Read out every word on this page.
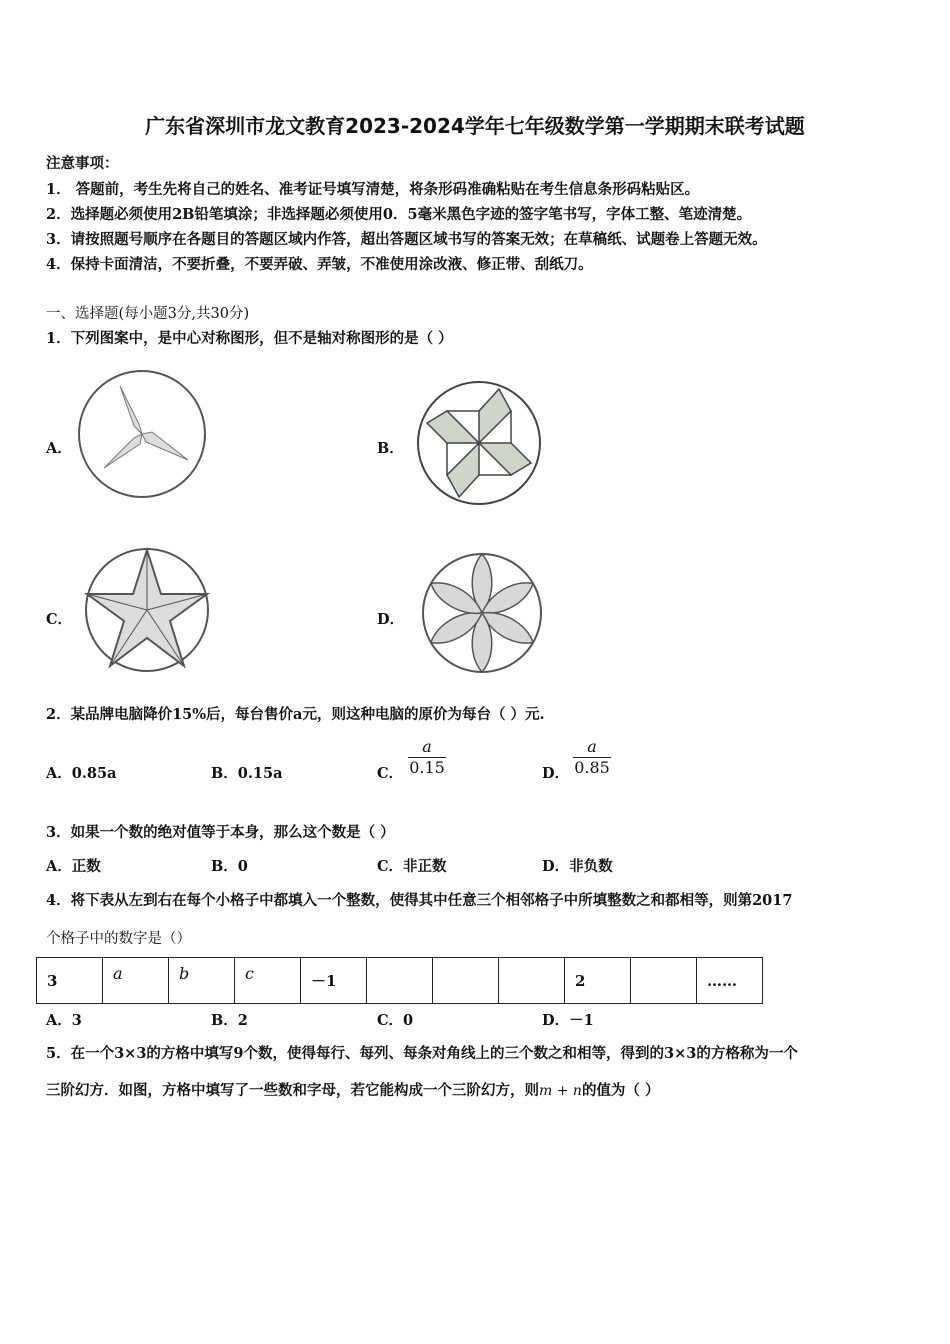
广东省深圳市龙文教育2023-2024学年七年级数学第一学期期末联考试题
注意事项：
1． 答题前，考生先将自己的姓名、准考证号填写清楚，将条形码准确粘贴在考生信息条形码粘贴区。
2．选择题必须使用2B铅笔填涂；非选择题必须使用0．5毫米黑色字迹的签字笔书写，字体工整、笔迹清楚。
3．请按照题号顺序在各题目的答题区域内作答，超出答题区域书写的答案无效；在草稿纸、试题卷上答题无效。
4．保持卡面清洁，不要折叠，不要弄破、弄皱，不准使用涂改液、修正带、刮纸刀。
一、选择题(每小题3分,共30分)
1．下列图案中，是中心对称图形，但不是轴对称图形的是（ ）
A．	B．
C．	D．
2．某品牌电脑降价15%后，每台售价a元，则这种电脑的原价为每台（ ）元.
A．0.85a	B．0.15a	C．
a
0.15	D．
a
0.85
3．如果一个数的绝对值等于本身，那么这个数是（ ）
A．正数	B．0	C．非正数	D．非负数
4．将下表从左到右在每个小格子中都填入一个整数，使得其中任意三个相邻格子中所填整数之和都相等，则第2017
个格子中的数字是（）
3	a	b	c	－1				2		……
A．3	B．2	C．0	D．－1
5．在一个3×3的方格中填写9个数，使得每行、每列、每条对角线上的三个数之和相等，得到的3×3的方格称为一个
三阶幻方．如图，方格中填写了一些数和字母，若它能构成一个三阶幻方，则m + n的值为（ ）
